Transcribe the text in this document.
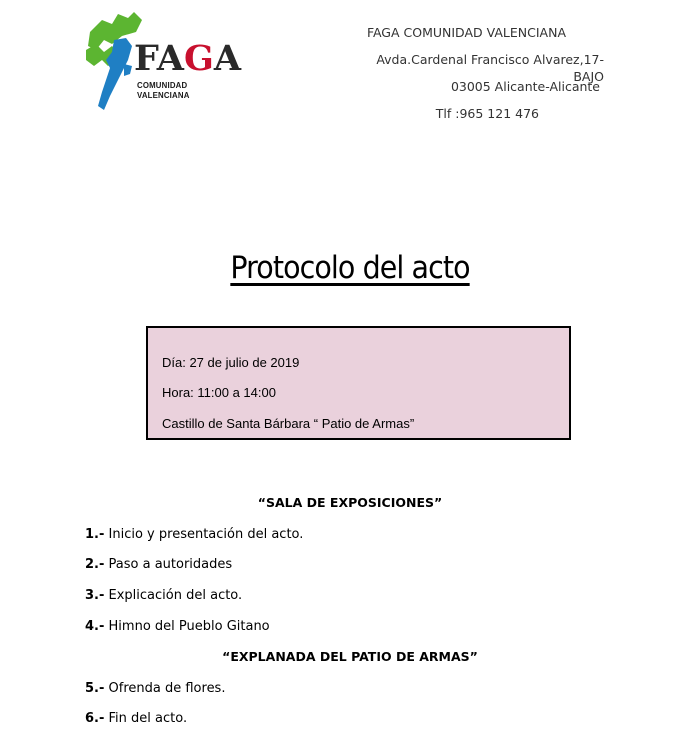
FAGA
COMUNIDAD VALENCIANA
FAGA COMUNIDAD VALENCIANA
Avda.Cardenal Francisco Alvarez,17-BAJO
03005 Alicante-Alicante
Tlf :965 121 476
Protocolo del acto
Día: 27 de julio de 2019
Hora: 11:00 a 14:00
Castillo de Santa Bárbara “ Patio de Armas”
“SALA DE EXPOSICIONES”
1.- Inicio y presentación del acto.
2.- Paso a autoridades
3.- Explicación del acto.
4.- Himno del Pueblo Gitano
“EXPLANADA DEL PATIO DE ARMAS”
5.- Ofrenda de flores.
6.- Fin del acto.
